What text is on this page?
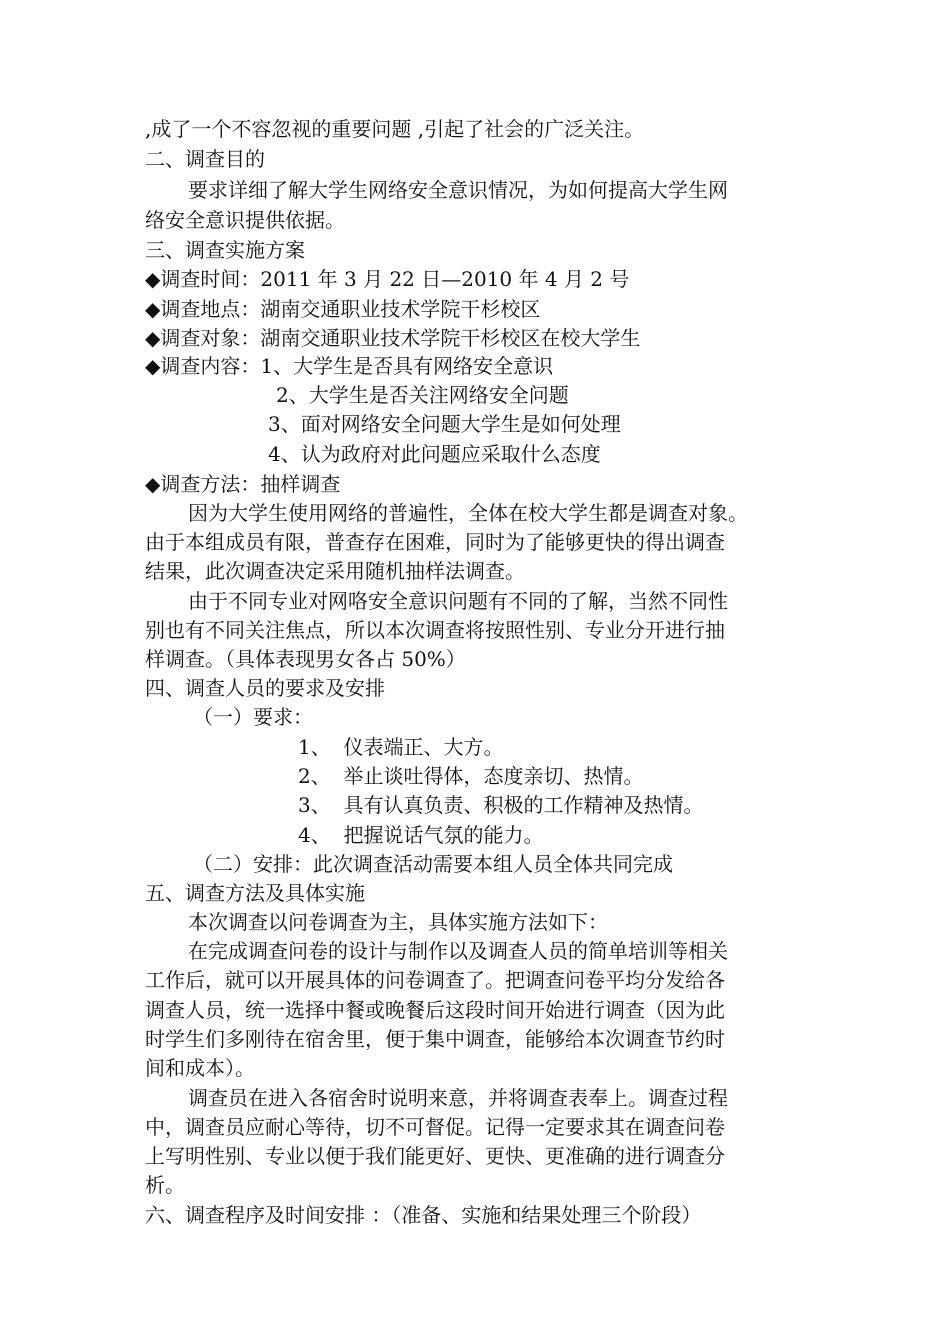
,成了一个不容忽视的重要问题 ,引起了社会的广泛关注。
二、调查目的
要求详细了解大学生网络安全意识情况，为如何提高大学生网
络安全意识提供依据。
三、调查实施方案
◆调查时间：2011 年 3 月 22 日—2010 年 4 月 2 号
◆调查地点：湖南交通职业技术学院干杉校区
◆调查对象：湖南交通职业技术学院干杉校区在校大学生
◆调查内容：1、大学生是否具有网络安全意识
2、大学生是否关注网络安全问题
3、面对网络安全问题大学生是如何处理
4、认为政府对此问题应采取什么态度
◆调查方法：抽样调查
因为大学生使用网络的普遍性，全体在校大学生都是调查对象。
由于本组成员有限，普查存在困难，同时为了能够更快的得出调查
结果，此次调查决定采用随机抽样法调查。
由于不同专业对网咯安全意识问题有不同的了解，当然不同性
别也有不同关注焦点，所以本次调查将按照性别、专业分开进行抽
样调查。（具体表现男女各占 50%）
四、调查人员的要求及安排
（一）要求：
1、  仪表端正、大方。
2、  举止谈吐得体，态度亲切、热情。
3、  具有认真负责、积极的工作精神及热情。
4、  把握说话气氛的能力。
（二）安排：此次调查活动需要本组人员全体共同完成
五、调查方法及具体实施
本次调查以问卷调查为主，具体实施方法如下：
在完成调查问卷的设计与制作以及调查人员的简单培训等相关
工作后，就可以开展具体的问卷调查了。把调查问卷平均分发给各
调查人员，统一选择中餐或晚餐后这段时间开始进行调查（因为此
时学生们多刚待在宿舍里，便于集中调查，能够给本次调查节约时
间和成本）。
调查员在进入各宿舍时说明来意，并将调查表奉上。调查过程
中，调查员应耐心等待，切不可督促。记得一定要求其在调查问卷
上写明性别、专业以便于我们能更好、更快、更准确的进行调查分
析。
六、调查程序及时间安排 ：（准备、实施和结果处理三个阶段）
